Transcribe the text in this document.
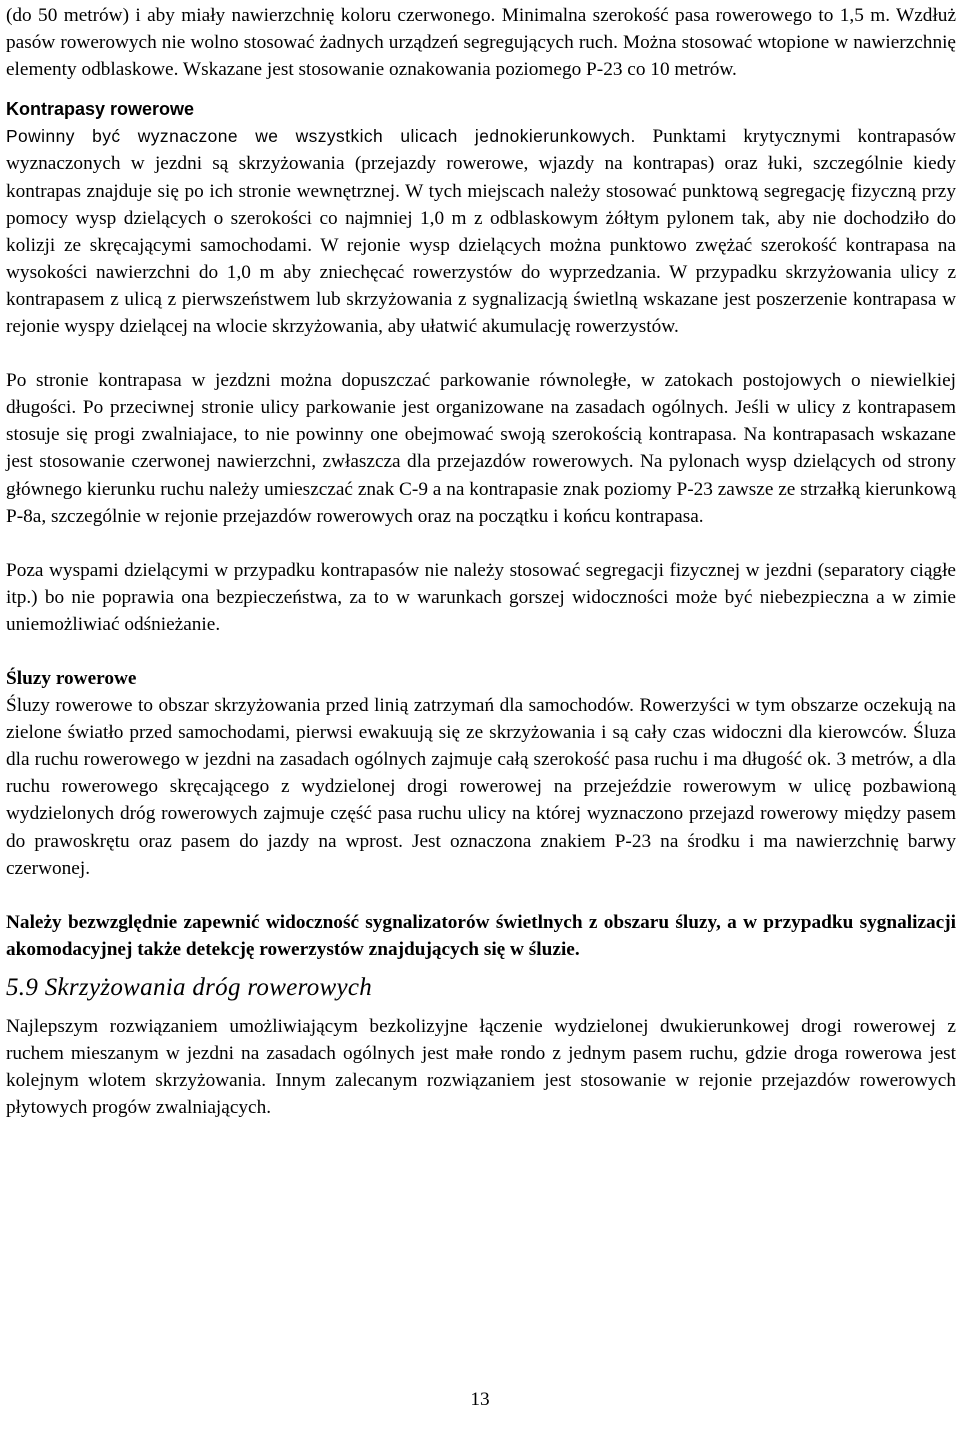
(do 50 metrów) i aby miały nawierzchnię koloru czerwonego. Minimalna szerokość pasa rowerowego to 1,5 m. Wzdłuż pasów rowerowych nie wolno stosować żadnych urządzeń segregujących ruch. Można stosować wtopione w nawierzchnię elementy odblaskowe. Wskazane jest stosowanie oznakowania poziomego P-23 co 10 metrów.

Kontrapasy rowerowe

Powinny być wyznaczone we wszystkich ulicach jednokierunkowych. Punktami krytycznymi kontrapasów wyznaczonych w jezdni są skrzyżowania (przejazdy rowerowe, wjazdy na kontrapas) oraz łuki, szczególnie kiedy kontrapas znajduje się po ich stronie wewnętrznej. W tych miejscach należy stosować punktową segregację fizyczną przy pomocy wysp dzielących o szerokości co najmniej 1,0 m z odblaskowym żółtym pylonem tak, aby nie dochodziło do kolizji ze skręcającymi samochodami. W rejonie wysp dzielących można punktowo zwężać szerokość kontrapasa na wysokości nawierzchni do 1,0 m aby zniechęcać rowerzystów do wyprzedzania. W przypadku skrzyżowania ulicy z kontrapasem z ulicą z pierwszeństwem lub skrzyżowania z sygnalizacją świetlną wskazane jest poszerzenie kontrapasa w rejonie wyspy dzielącej na wlocie skrzyżowania, aby ułatwić akumulację rowerzystów.

Po stronie kontrapasa w jezdzni można dopuszczać parkowanie równoległe, w zatokach postojowych o niewielkiej długości. Po przeciwnej stronie ulicy parkowanie jest organizowane na zasadach ogólnych. Jeśli w ulicy z kontrapasem stosuje się progi zwalniajace, to nie powinny one obejmować swoją szerokością kontrapasa. Na kontrapasach wskazane jest stosowanie czerwonej nawierzchni, zwłaszcza dla przejazdów rowerowych. Na pylonach wysp dzielących od strony głównego kierunku ruchu należy umieszczać znak C-9 a na kontrapasie znak poziomy P-23 zawsze ze strzałką kierunkową P-8a, szczególnie w rejonie przejazdów rowerowych oraz na początku i końcu kontrapasa.

Poza wyspami dzielącymi w przypadku kontrapasów nie należy stosować segregacji fizycznej w jezdni (separatory ciągłe itp.) bo nie poprawia ona bezpieczeństwa, za to w warunkach gorszej widoczności może być niebezpieczna a w zimie uniemożliwiać odśnieżanie.

Śluzy rowerowe

Śluzy rowerowe to obszar skrzyżowania przed linią zatrzymań dla samochodów. Rowerzyści w tym obszarze oczekują na zielone światło przed samochodami, pierwsi ewakuują się ze skrzyżowania i są cały czas widoczni dla kierowców. Śluza dla ruchu rowerowego w jezdni na zasadach ogólnych zajmuje całą szerokość pasa ruchu i ma długość ok. 3 metrów, a dla ruchu rowerowego skręcającego z wydzielonej drogi rowerowej na przejeździe rowerowym w ulicę pozbawioną wydzielonych dróg rowerowych zajmuje część pasa ruchu ulicy na której wyznaczono przejazd rowerowy między pasem do prawoskrętu oraz pasem do jazdy na wprost. Jest oznaczona znakiem P-23 na środku i ma nawierzchnię barwy czerwonej.

Należy bezwzględnie zapewnić widoczność sygnalizatorów świetlnych z obszaru śluzy, a w przypadku sygnalizacji akomodacyjnej także detekcję rowerzystów znajdujących się w śluzie.

5.9 Skrzyżowania dróg rowerowych

Najlepszym rozwiązaniem umożliwiającym bezkolizyjne łączenie wydzielonej dwukierunkowej drogi rowerowej z ruchem mieszanym w jezdni na zasadach ogólnych jest małe rondo z jednym pasem ruchu, gdzie droga rowerowa jest kolejnym wlotem skrzyżowania. Innym zalecanym rozwiązaniem jest stosowanie w rejonie przejazdów rowerowych płytowych progów zwalniających.

13
